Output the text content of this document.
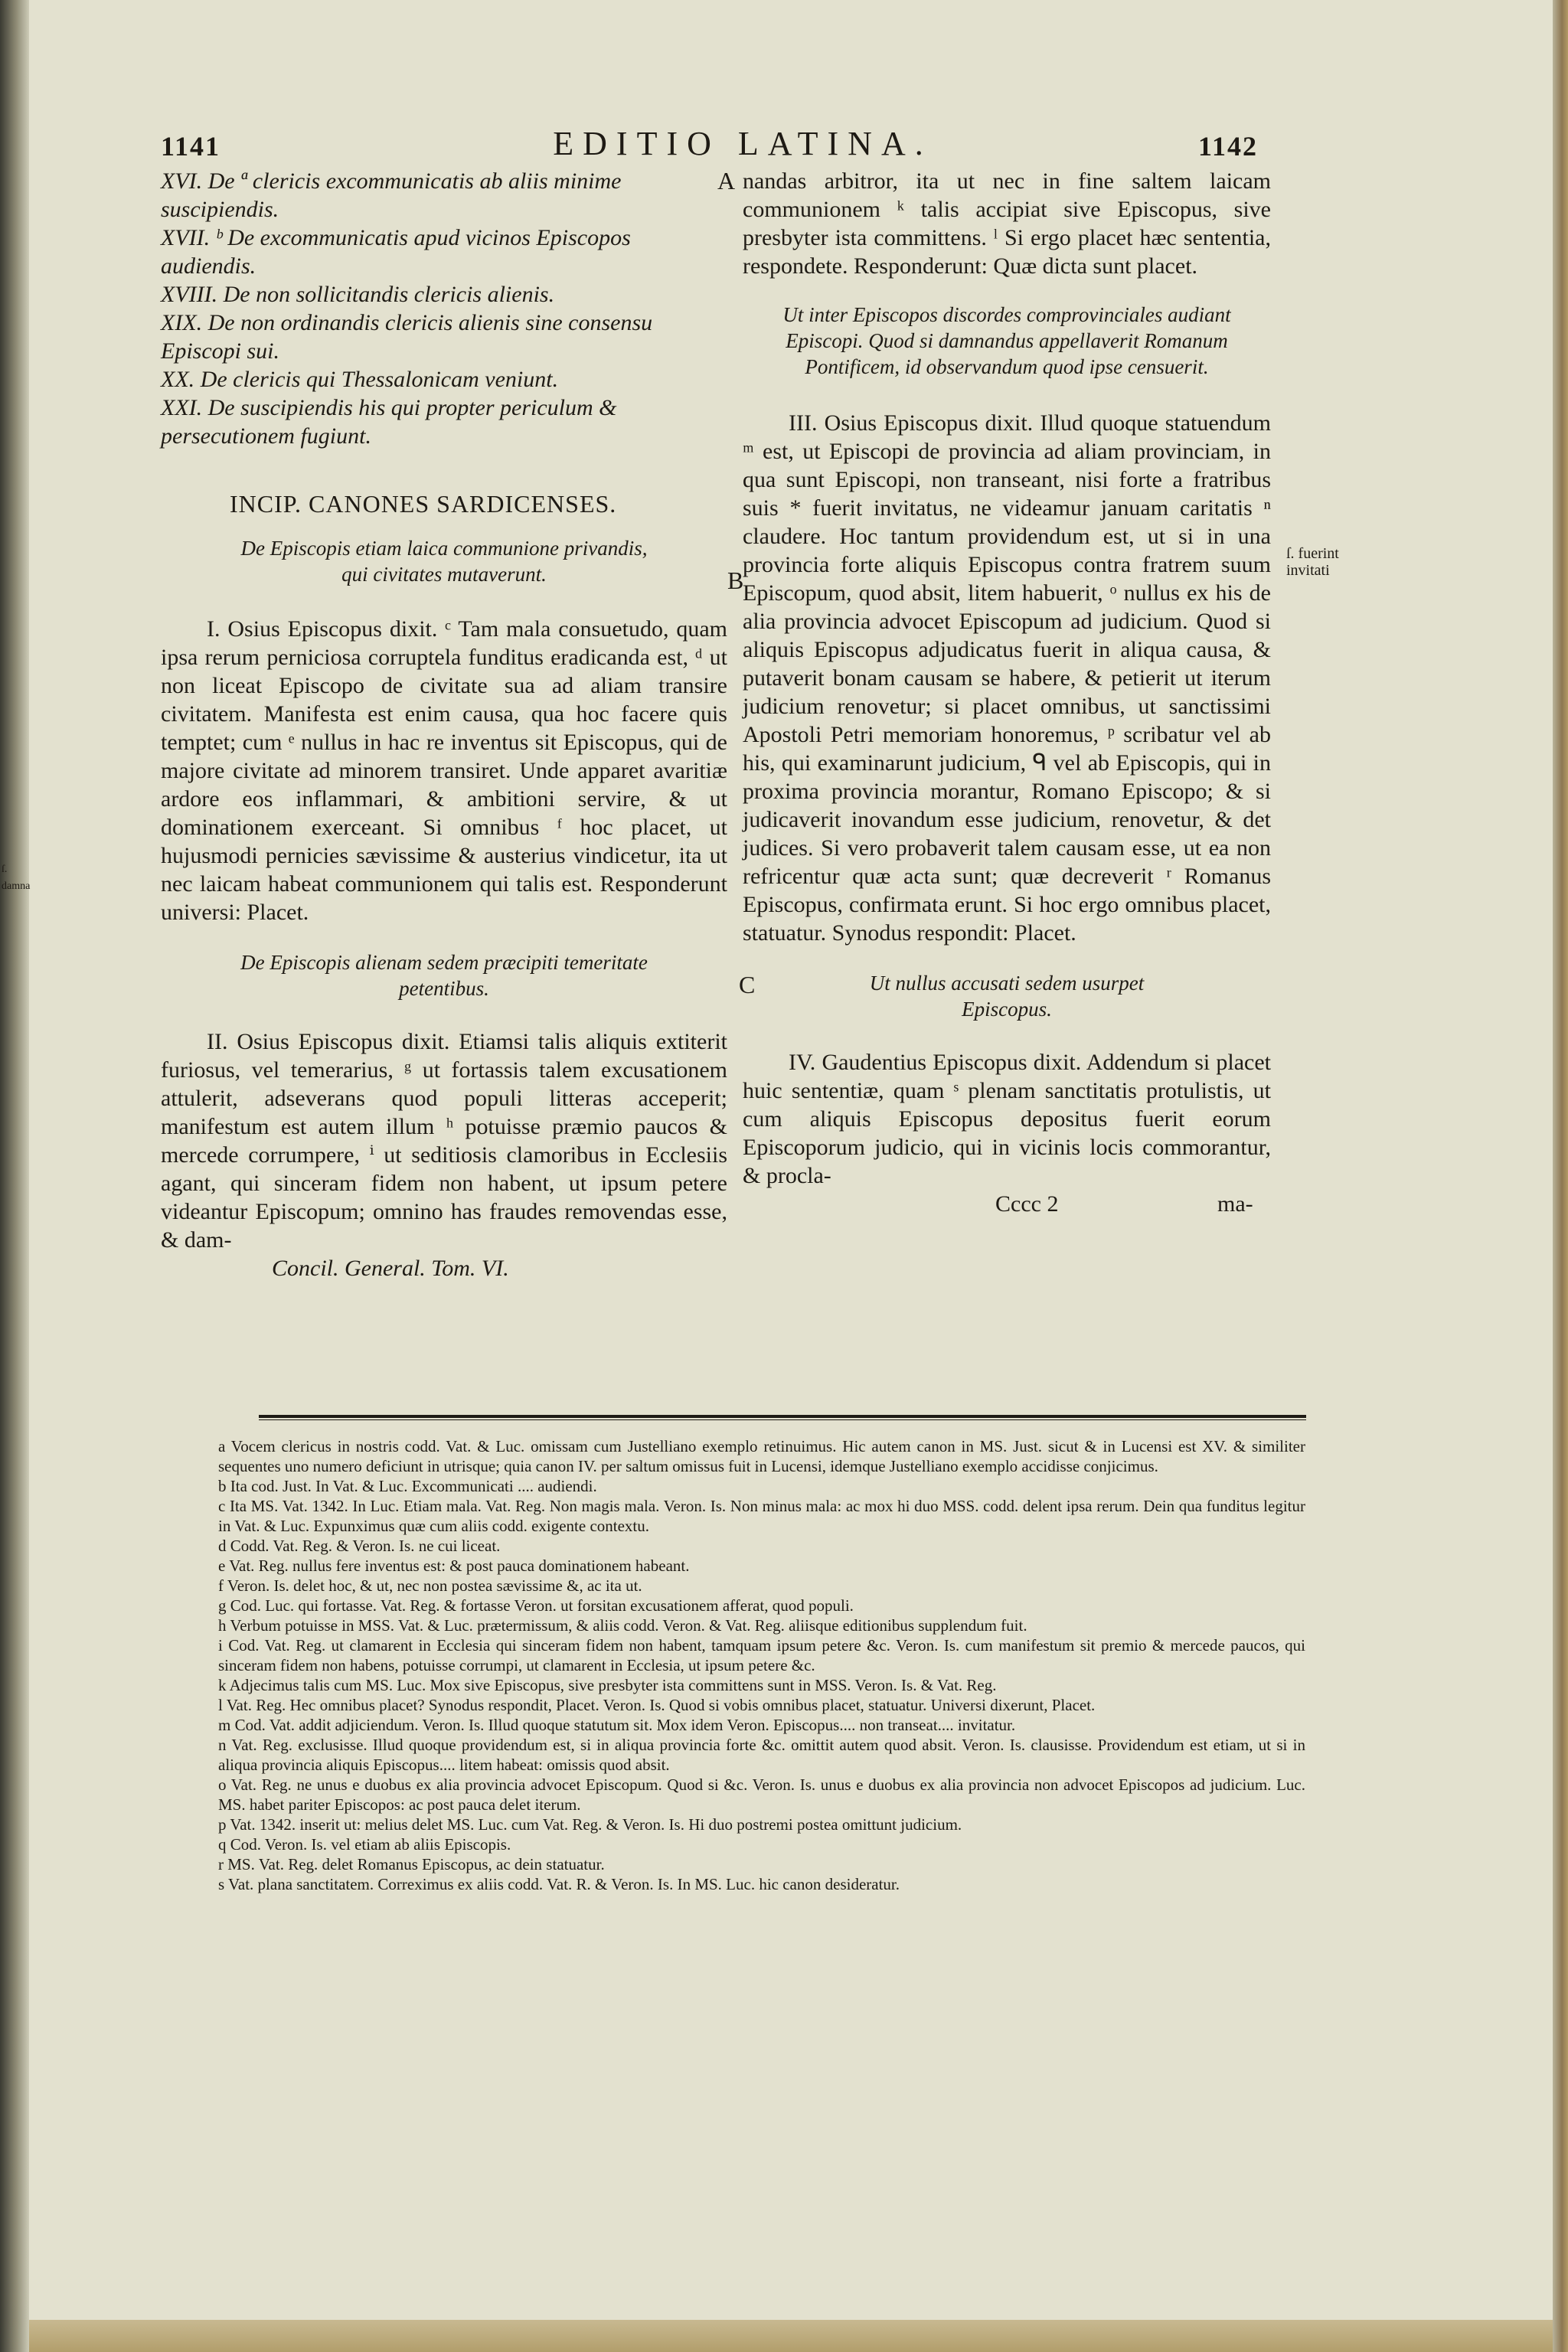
1141	EDITIO LATINA.	1142

XVI. De ª clericis excommunicatis ab aliis minime suscipiendis.

XVII. ᵇ De excommunicatis apud vicinos Episcopos audiendis.

XVIII. De non sollicitandis clericis alienis.

XIX. De non ordinandis clericis alienis sine consensu Episcopi sui.

XX. De clericis qui Thessalonicam veniunt.

XXI. De suscipiendis his qui propter periculum & persecutionem fugiunt.

INCIP. CANONES SARDICENSES.

De Episcopis etiam laica communione privandis, qui civitates mutaverunt.

I. Osius Episcopus dixit. ᶜ Tam mala consuetudo, quam ipsa rerum perniciosa corruptela funditus eradicanda est, ᵈ ut non liceat Episcopo de civitate sua ad aliam transire civitatem. Manifesta est enim causa, qua hoc facere quis temptet; cum ᵉ nullus in hac re inventus sit Episcopus, qui de majore civitate ad minorem transiret. Unde apparet avaritiæ ardore eos inflammari, & ambitioni servire, & ut dominationem exerceant. Si omnibus ᶠ hoc placet, ut hujusmodi pernicies sævissime & austerius vindicetur, ita ut nec laicam habeat communionem qui talis est. Responderunt universi: Placet.

De Episcopis alienam sedem præcipiti temeritate petentibus.

II. Osius Episcopus dixit. Etiamsi talis aliquis extiterit furiosus, vel temerarius, ᵍ ut fortassis talem excusationem attulerit, adseverans quod populi litteras acceperit; manifestum est autem illum ʰ potuisse præmio paucos & mercede corrumpere, ⁱ ut seditiosis clamoribus in Ecclesiis agant, qui sinceram fidem non habent, ut ipsum petere videantur Episcopum; omnino has fraudes removendas esse, & dam-

Concil. General. Tom. VI.

nandas arbitror, ita ut nec in fine saltem laicam communionem ᵏ talis accipiat sive Episcopus, sive presbyter ista committens. ˡ Si ergo placet hæc sententia, respondete. Responderunt: Quæ dicta sunt placet.

Ut inter Episcopos discordes comprovinciales audiant Episcopi. Quod si damnandus appellaverit Romanum Pontificem, id observandum quod ipse censuerit.

III. Osius Episcopus dixit. Illud quoque statuendum ᵐ est, ut Episcopi de provincia ad aliam provinciam, in qua sunt Episcopi, non transeant, nisi forte a fratribus suis * fuerit invitatus, ne videamur januam caritatis ⁿ claudere. Hoc tantum providendum est, ut si in una provincia forte aliquis Episcopus contra fratrem suum Episcopum, quod absit, litem habuerit, ᵒ nullus ex his de alia provincia advocet Episcopum ad judicium. Quod si aliquis Episcopus adjudicatus fuerit in aliqua causa, & putaverit bonam causam se habere, & petierit ut iterum judicium renovetur; si placet omnibus, ut sanctissimi Apostoli Petri memoriam honoremus, ᵖ scribatur vel ab his, qui examinarunt judicium, ᑫ vel ab Episcopis, qui in proxima provincia morantur, Romano Episcopo; & si judicaverit inovandum esse judicium, renovetur, & det judices. Si vero probaverit talem causam esse, ut ea non refricentur quæ acta sunt; quæ decreverit ʳ Romanus Episcopus, confirmata erunt. Si hoc ergo omnibus placet, statuatur. Synodus respondit: Placet.

Ut nullus accusati sedem usurpet Episcopus.

IV. Gaudentius Episcopus dixit. Addendum si placet huic sententiæ, quam ˢ plenam sanctitatis protulistis, ut cum aliquis Episcopus depositus fuerit eorum Episcoporum judicio, qui in vicinis locis commorantur, & procla-

Cccc 2	ma-
A
B
C
ſ. fuerint invitati
ſ. damna

a Vocem clericus in nostris codd. Vat. & Luc. omissam cum Justelliano exemplo retinuimus. Hic autem canon in MS. Just. sicut & in Lucensi est XV. & similiter sequentes uno numero deficiunt in utrisque; quia canon IV. per saltum omissus fuit in Lucensi, idemque Justelliano exemplo accidisse conjicimus.

b Ita cod. Just. In Vat. & Luc. Excommunicati .... audiendi.

c Ita MS. Vat. 1342. In Luc. Etiam mala. Vat. Reg. Non magis mala. Veron. Is. Non minus mala: ac mox hi duo MSS. codd. delent ipsa rerum. Dein qua funditus legitur in Vat. & Luc. Expunximus quæ cum aliis codd. exigente contextu.

d Codd. Vat. Reg. & Veron. Is. ne cui liceat.

e Vat. Reg. nullus fere inventus est: & post pauca dominationem habeant.

f Veron. Is. delet hoc, & ut, nec non postea sævissime &, ac ita ut.

g Cod. Luc. qui fortasse. Vat. Reg. & fortasse Veron. ut forsitan excusationem afferat, quod populi.

h Verbum potuisse in MSS. Vat. & Luc. prætermissum, & aliis codd. Veron. & Vat. Reg. aliisque editionibus supplendum fuit.

i Cod. Vat. Reg. ut clamarent in Ecclesia qui sinceram fidem non habent, tamquam ipsum petere &c. Veron. Is. cum manifestum sit premio & mercede paucos, qui sinceram fidem non habens, potuisse corrumpi, ut clamarent in Ecclesia, ut ipsum petere &c.

k Adjecimus talis cum MS. Luc. Mox sive Episcopus, sive presbyter ista committens sunt in MSS. Veron. Is. & Vat. Reg.

l Vat. Reg. Hec omnibus placet? Synodus respondit, Placet. Veron. Is. Quod si vobis omnibus placet, statuatur. Universi dixerunt, Placet.

m Cod. Vat. addit adjiciendum. Veron. Is. Illud quoque statutum sit. Mox idem Veron. Episcopus.... non transeat.... invitatur.

n Vat. Reg. exclusisse. Illud quoque providendum est, si in aliqua provincia forte &c. omittit autem quod absit. Veron. Is. clausisse. Providendum est etiam, ut si in aliqua provincia aliquis Episcopus.... litem habeat: omissis quod absit.

o Vat. Reg. ne unus e duobus ex alia provincia advocet Episcopum. Quod si &c. Veron. Is. unus e duobus ex alia provincia non advocet Episcopos ad judicium. Luc. MS. habet pariter Episcopos: ac post pauca delet iterum.

p Vat. 1342. inserit ut: melius delet MS. Luc. cum Vat. Reg. & Veron. Is. Hi duo postremi postea omittunt judicium.

q Cod. Veron. Is. vel etiam ab aliis Episcopis.

r MS. Vat. Reg. delet Romanus Episcopus, ac dein statuatur.

s Vat. plana sanctitatem. Correximus ex aliis codd. Vat. R. & Veron. Is. In MS. Luc. hic canon desideratur.
